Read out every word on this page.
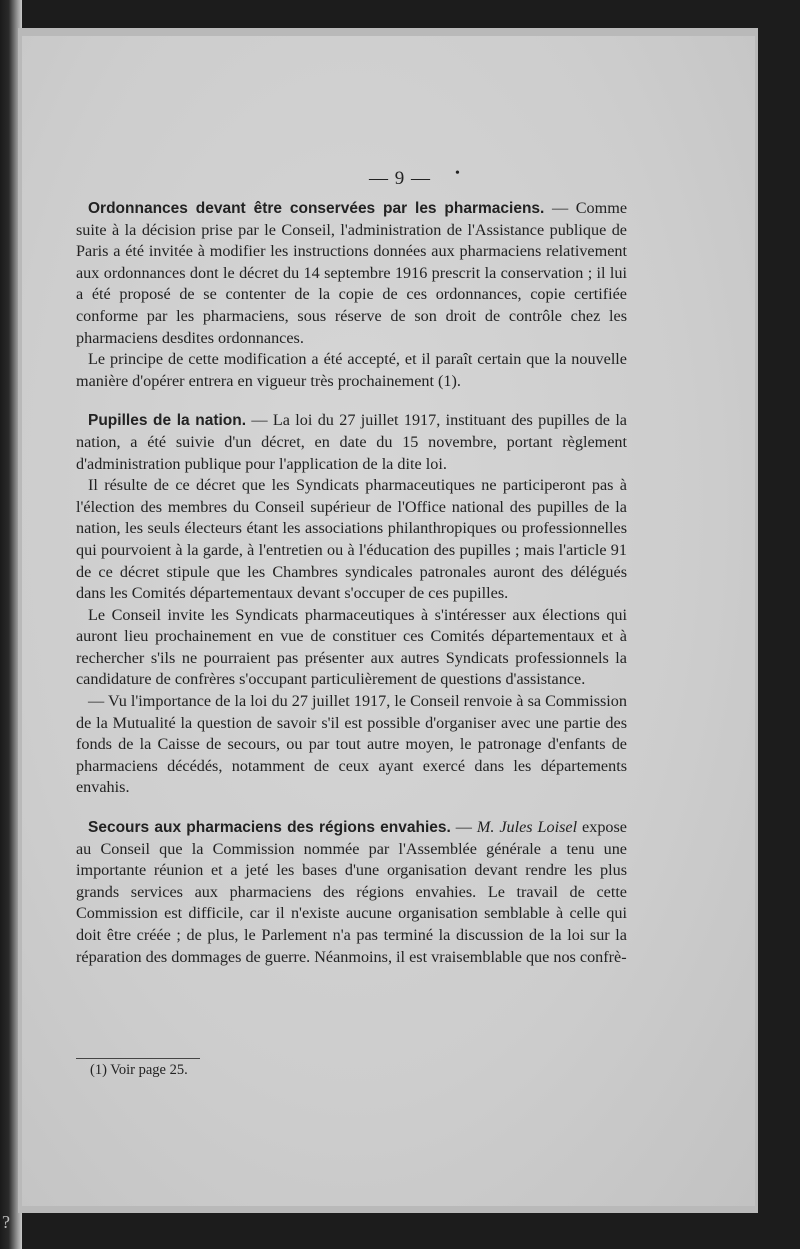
— 9 —	•

Ordonnances devant être conservées par les pharmaciens. — Comme suite à la décision prise par le Conseil, l'administration de l'Assistance publique de Paris a été invitée à modifier les instructions données aux pharmaciens relativement aux ordonnances dont le décret du 14 septembre 1916 prescrit la conservation ; il lui a été proposé de se contenter de la copie de ces ordonnances, copie certifiée conforme par les pharmaciens, sous réserve de son droit de contrôle chez les pharmaciens desdites ordonnances.

Le principe de cette modification a été accepté, et il paraît certain que la nouvelle manière d'opérer entrera en vigueur très prochainement (1).

Pupilles de la nation. — La loi du 27 juillet 1917, instituant des pupilles de la nation, a été suivie d'un décret, en date du 15 novembre, portant règlement d'administration publique pour l'application de la dite loi.

Il résulte de ce décret que les Syndicats pharmaceutiques ne participeront pas à l'élection des membres du Conseil supérieur de l'Office national des pupilles de la nation, les seuls électeurs étant les associations philanthropiques ou professionnelles qui pourvoient à la garde, à l'entretien ou à l'éducation des pupilles ; mais l'article 91 de ce décret stipule que les Chambres syndicales patronales auront des délégués dans les Comités départementaux devant s'occuper de ces pupilles.

Le Conseil invite les Syndicats pharmaceutiques à s'intéresser aux élections qui auront lieu prochainement en vue de constituer ces Comités départementaux et à rechercher s'ils ne pourraient pas présenter aux autres Syndicats professionnels la candidature de confrères s'occupant particulièrement de questions d'assistance.

— Vu l'importance de la loi du 27 juillet 1917, le Conseil renvoie à sa Commission de la Mutualité la question de savoir s'il est possible d'organiser avec une partie des fonds de la Caisse de secours, ou par tout autre moyen, le patronage d'enfants de pharmaciens décédés, notamment de ceux ayant exercé dans les départements envahis.

Secours aux pharmaciens des régions envahies. — M. Jules Loisel expose au Conseil que la Commission nommée par l'Assemblée générale a tenu une importante réunion et a jeté les bases d'une organisation devant rendre les plus grands services aux pharmaciens des régions envahies. Le travail de cette Commission est difficile, car il n'existe aucune organisation semblable à celle qui doit être créée ; de plus, le Parlement n'a pas terminé la discussion de la loi sur la réparation des dommages de guerre. Néanmoins, il est vraisemblable que nos confrè-

(1) Voir page 25.
?
